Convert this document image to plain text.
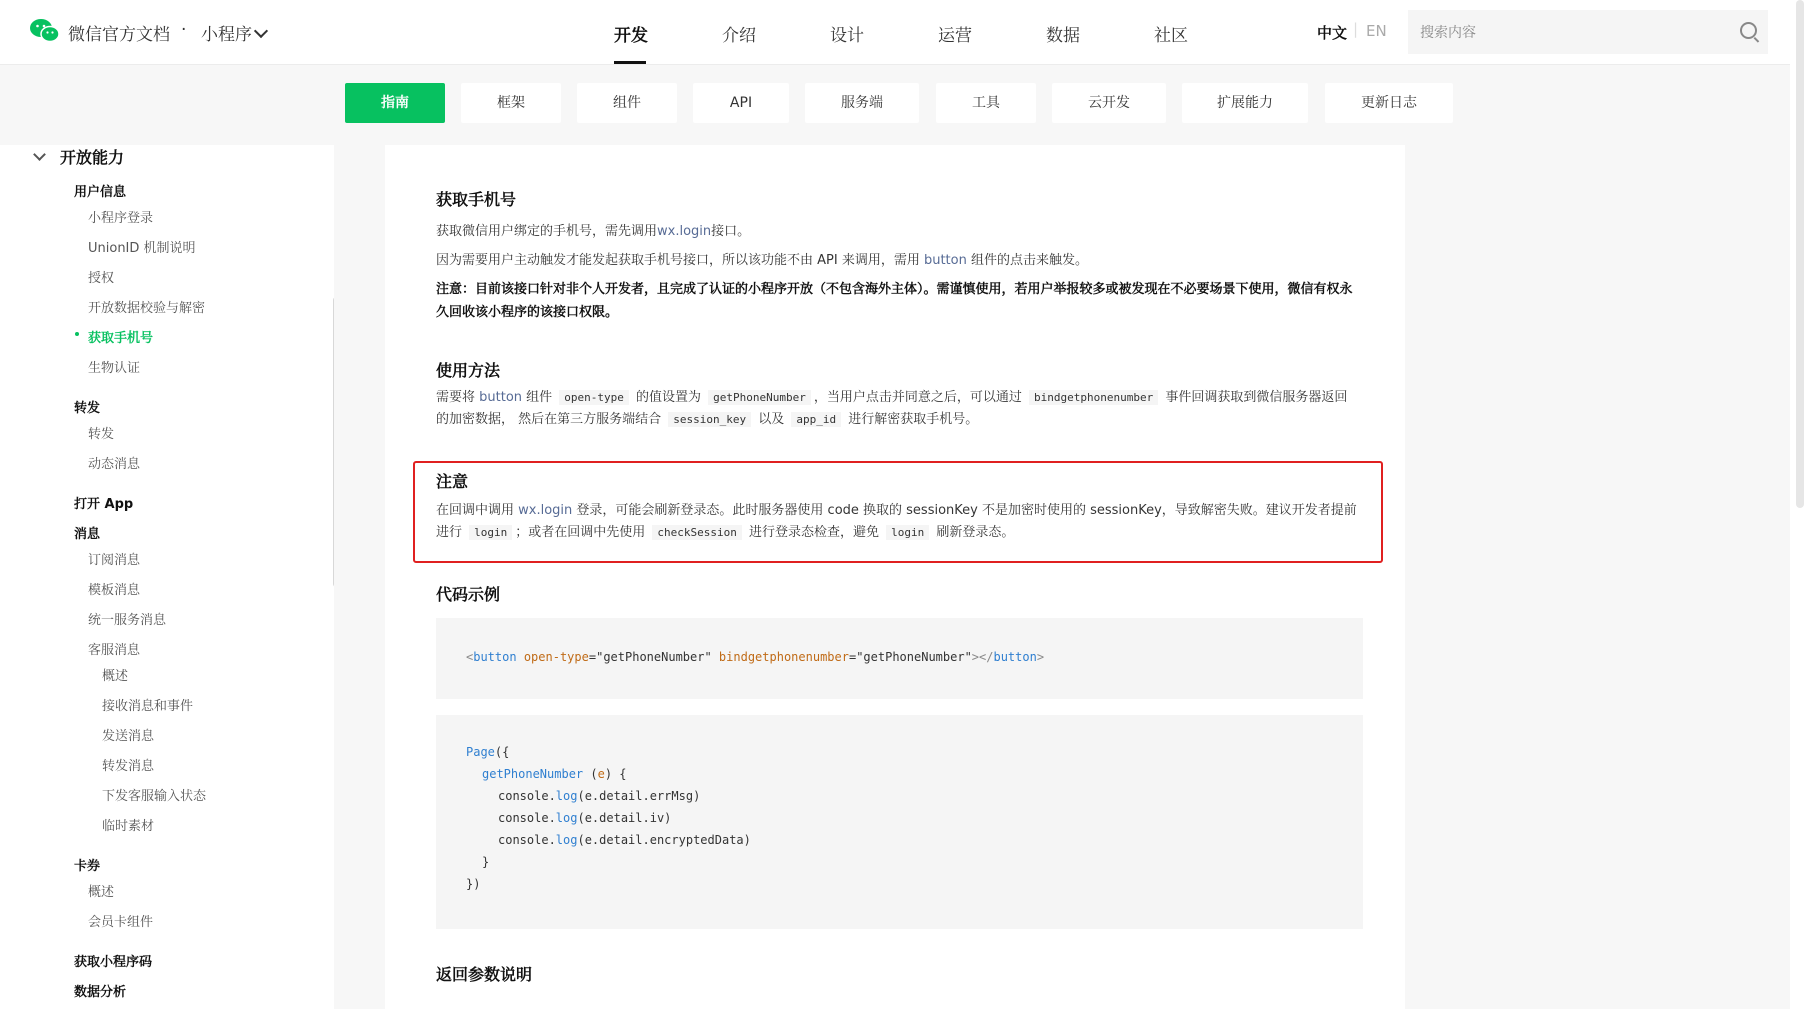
微信官方文档 · 小程序	开发	介绍	设计	运营	数据	社区	中文 | EN
搜索内容
指南	框架	组件	API	服务端	工具	云开发	扩展能力	更新日志
开放能力
用户信息
小程序登录
UnionID 机制说明
授权
开放数据校验与解密
获取手机号
生物认证
转发
转发
动态消息
打开 App
消息
订阅消息
模板消息
统一服务消息
客服消息
概述
接收消息和事件
发送消息
转发消息
下发客服输入状态
临时素材
卡券
概述
会员卡组件
获取小程序码
数据分析
获取手机号
获取微信用户绑定的手机号，需先调用wx.login接口。
因为需要用户主动触发才能发起获取手机号接口，所以该功能不由 API 来调用，需用 button 组件的点击来触发。
注意：目前该接口针对非个人开发者，且完成了认证的小程序开放（不包含海外主体）。需谨慎使用，若用户举报较多或被发现在不必要场景下使用，微信有权永久回收该小程序的该接口权限。
使用方法
需要将 button 组件 open-type 的值设置为 getPhoneNumber ，当用户点击并同意之后，可以通过 bindgetphonenumber 事件回调获取到微信服务器返回的加密数据， 然后在第三方服务端结合 session_key 以及 app_id 进行解密获取手机号。
注意
在回调中调用 wx.login 登录，可能会刷新登录态。此时服务器使用 code 换取的 sessionKey 不是加密时使用的 sessionKey，导致解密失败。建议开发者提前进行 login ；或者在回调中先使用 checkSession 进行登录态检查，避免 login 刷新登录态。
代码示例
<button open-type="getPhoneNumber" bindgetphonenumber="getPhoneNumber"></button>
Page({
getPhoneNumber (e) {
console.log(e.detail.errMsg)
console.log(e.detail.iv)
console.log(e.detail.encryptedData)
}
})
返回参数说明
